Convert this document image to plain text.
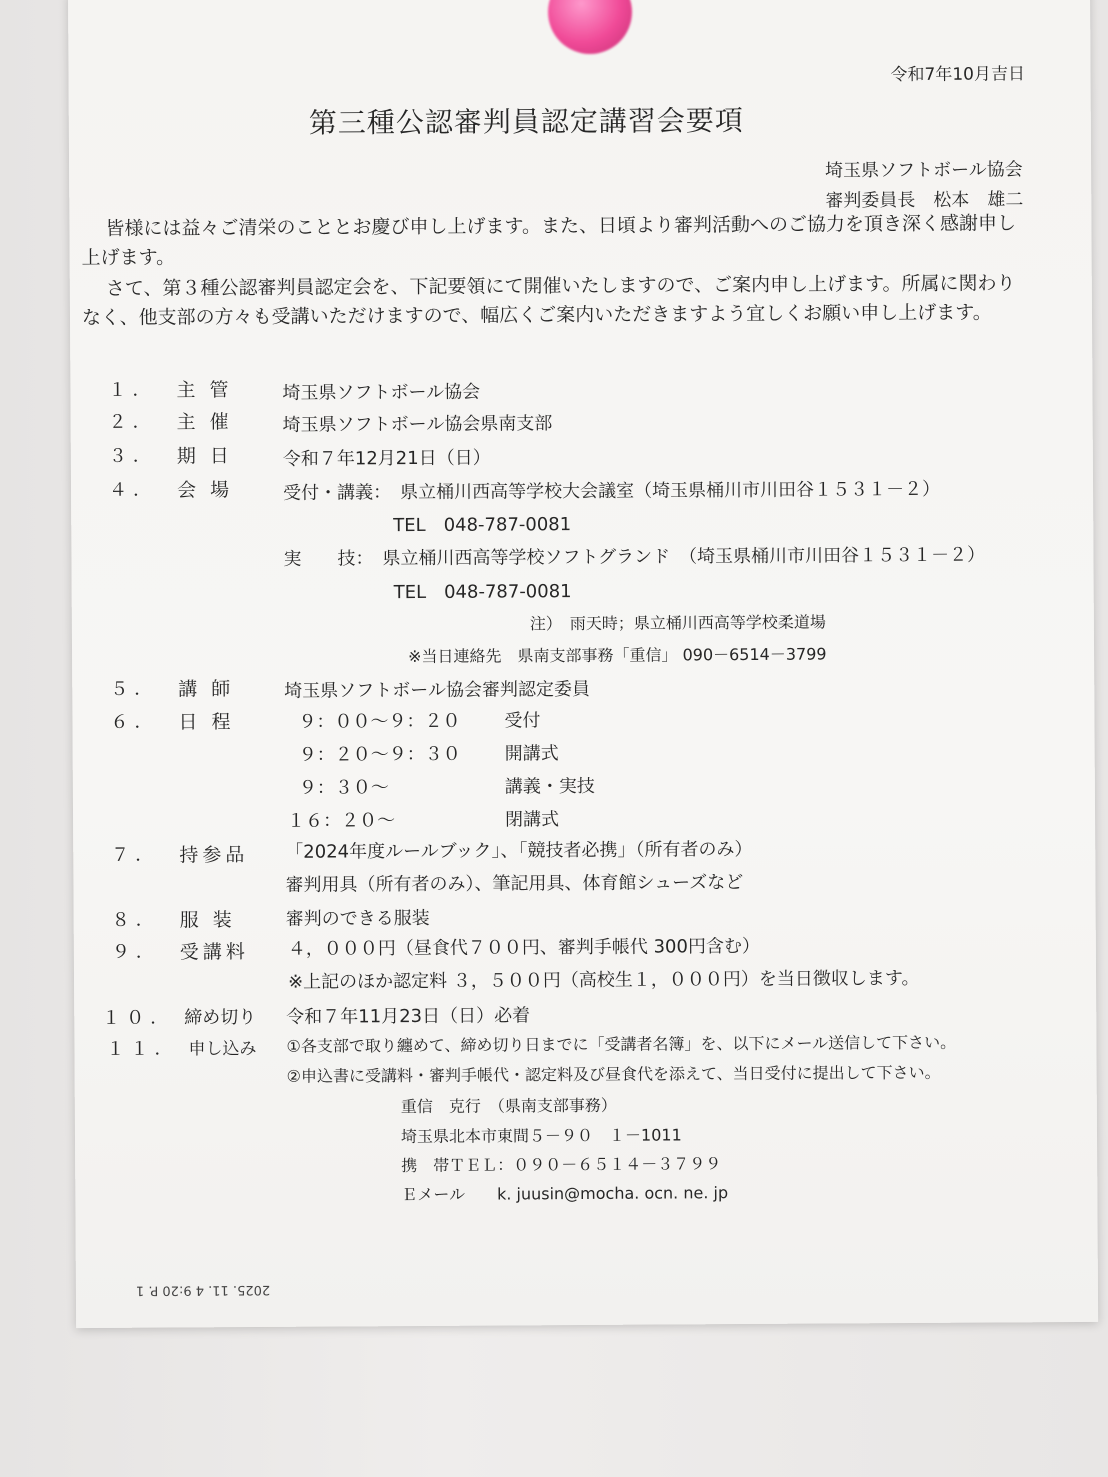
令和7年10月吉日
第三種公認審判員認定講習会要項
埼玉県ソフトボール協会
審判委員長　松本　雄二
皆様には益々ご清栄のこととお慶び申し上げます。また、日頃より審判活動へのご協力を頂き深く感謝申し上げます。
さて、第３種公認審判員認定会を、下記要領にて開催いたしますので、ご案内申し上げます。所属に関わりなく、他支部の方々も受講いただけますので、幅広くご案内いただきますよう宜しくお願い申し上げます。
１． 主管 埼玉県ソフトボール協会
２． 主催 埼玉県ソフトボール協会県南支部
３． 期日 令和７年12月21日（日）
４． 会場 受付・講義：　県立桶川西高等学校大会議室（埼玉県桶川市川田谷１５３１－２）
TEL　048-787-0081
実　　技：　県立桶川西高等学校ソフトグランド　（埼玉県桶川市川田谷１５３１－２）
TEL　048-787-0081
注）　雨天時；県立桶川西高等学校柔道場
※当日連絡先　県南支部事務「重信」 090－6514－3799
５． 講師 埼玉県ソフトボール協会審判認定委員
６． 日程	９：００～９：２０ 受付
９：２０～９：３０ 開講式
９：３０～	講義・実技
１６：２０～	閉講式
７． 持参品 「2024年度ルールブック」、「競技者必携」（所有者のみ）
審判用具（所有者のみ）、筆記用具、体育館シューズなど
８． 服装 審判のできる服装
９． 受講料 ４，０００円（昼食代７００円、審判手帳代 300円含む）
※上記のほか認定料 ３，５００円（高校生１，０００円）を当日徴収します。
１０． 締め切り 令和７年11月23日（日）必着
１１． 申し込み ①各支部で取り纏めて、締め切り日までに「受講者名簿」を、以下にメール送信して下さい。
②申込書に受講料・審判手帳代・認定料及び昼食代を添えて、当日受付に提出して下さい。
重信　克行　（県南支部事務）
埼玉県北本市東間５－９０　１－1011
携　帯ＴＥＬ：０９０－６５１４－３７９９
Ｅメール　　k. juusin@mocha. ocn. ne. jp
2025. 11. 4 9:20 P. 1
